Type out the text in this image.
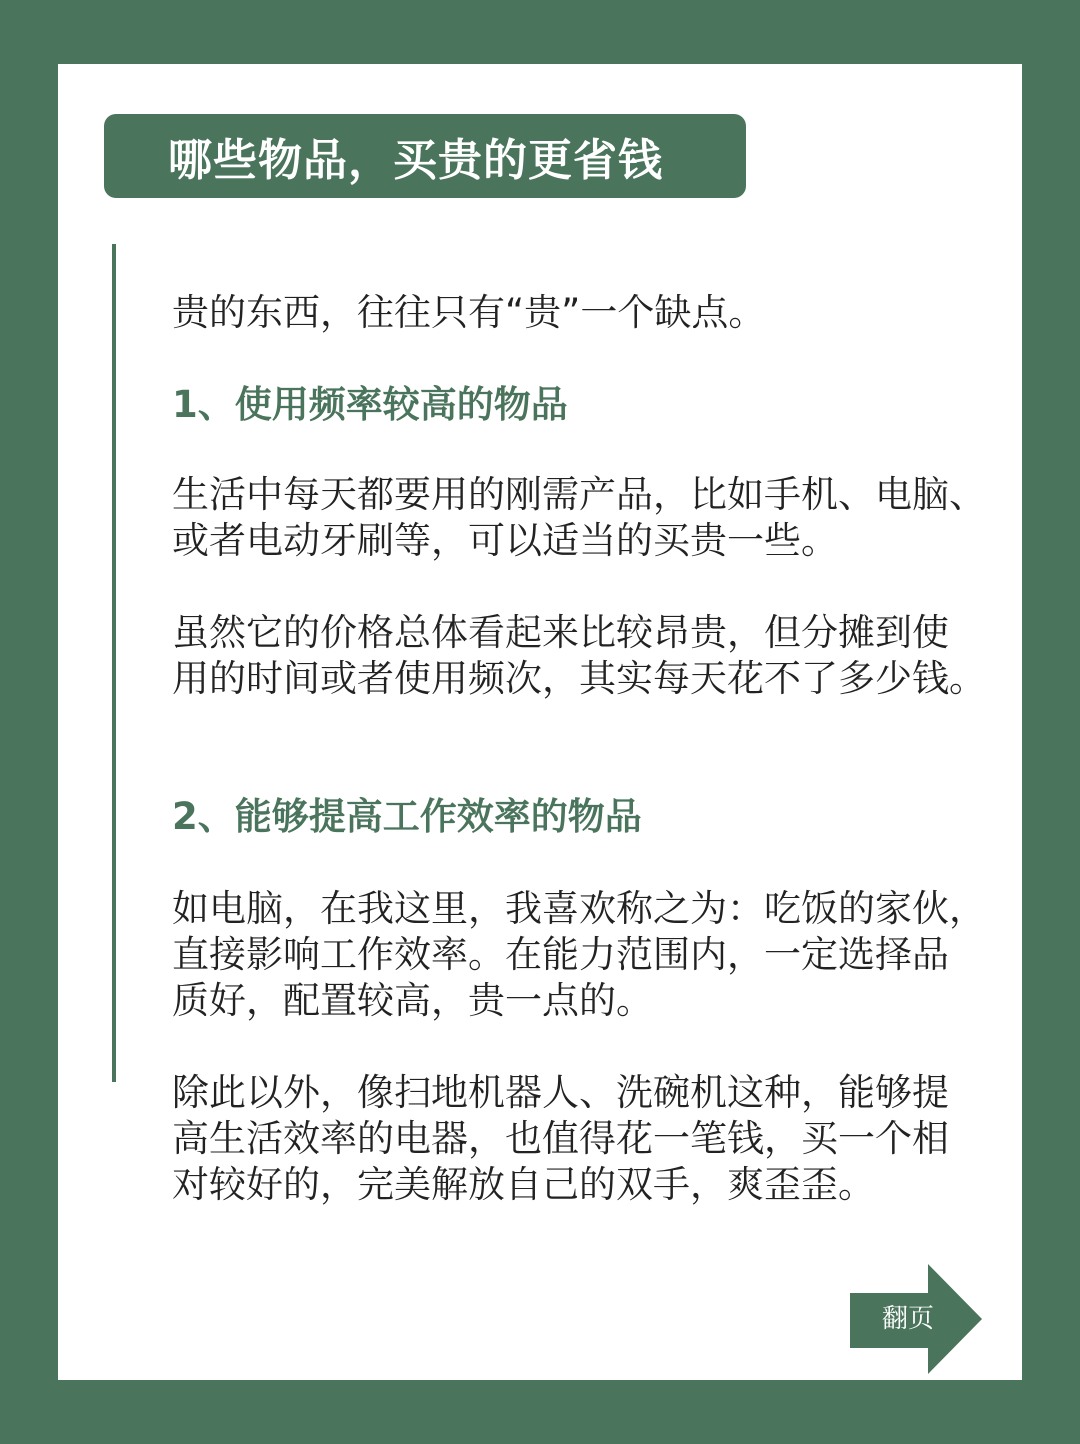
哪些物品，买贵的更省钱

贵的东西，往往只有“贵”一个缺点。

1、使用频率较高的物品

生活中每天都要用的刚需产品，比如手机、电脑、

或者电动牙刷等，可以适当的买贵一些。

虽然它的价格总体看起来比较昂贵，但分摊到使

用的时间或者使用频次，其实每天花不了多少钱。

2、能够提高工作效率的物品

如电脑，在我这里，我喜欢称之为：吃饭的家伙，

直接影响工作效率。在能力范围内，一定选择品

质好，配置较高，贵一点的。

除此以外，像扫地机器人、洗碗机这种，能够提

高生活效率的电器，也值得花一笔钱，买一个相

对较好的，完美解放自己的双手，爽歪歪。

翻页
